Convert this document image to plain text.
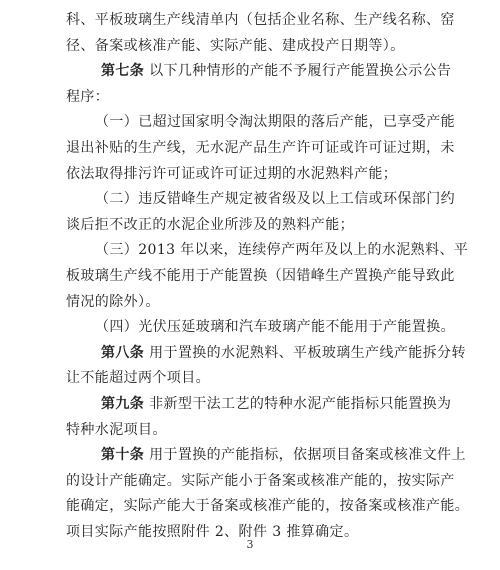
科、平板玻璃生产线清单内（包括企业名称、生产线名称、窑
径、备案或核准产能、实际产能、建成投产日期等）。
第七条 以下几种情形的产能不予履行产能置换公示公告
程序：
（一）已超过国家明令淘汰期限的落后产能，已享受产能
退出补贴的生产线，无水泥产品生产许可证或许可证过期，未
依法取得排污许可证或许可证过期的水泥熟料产能；
（二）违反错峰生产规定被省级及以上工信或环保部门约
谈后拒不改正的水泥企业所涉及的熟料产能；
（三）2013 年以来，连续停产两年及以上的水泥熟料、平
板玻璃生产线不能用于产能置换（因错峰生产置换产能导致此
情况的除外）。
（四）光伏压延玻璃和汽车玻璃产能不能用于产能置换。
第八条 用于置换的水泥熟料、平板玻璃生产线产能拆分转
让不能超过两个项目。
第九条 非新型干法工艺的特种水泥产能指标只能置换为
特种水泥项目。
第十条 用于置换的产能指标，依据项目备案或核准文件上
3
的设计产能确定。实际产能小于备案或核准产能的，按实际产
能确定，实际产能大于备案或核准产能的，按备案或核准产能。
项目实际产能按照附件 2、附件 3 推算确定。
